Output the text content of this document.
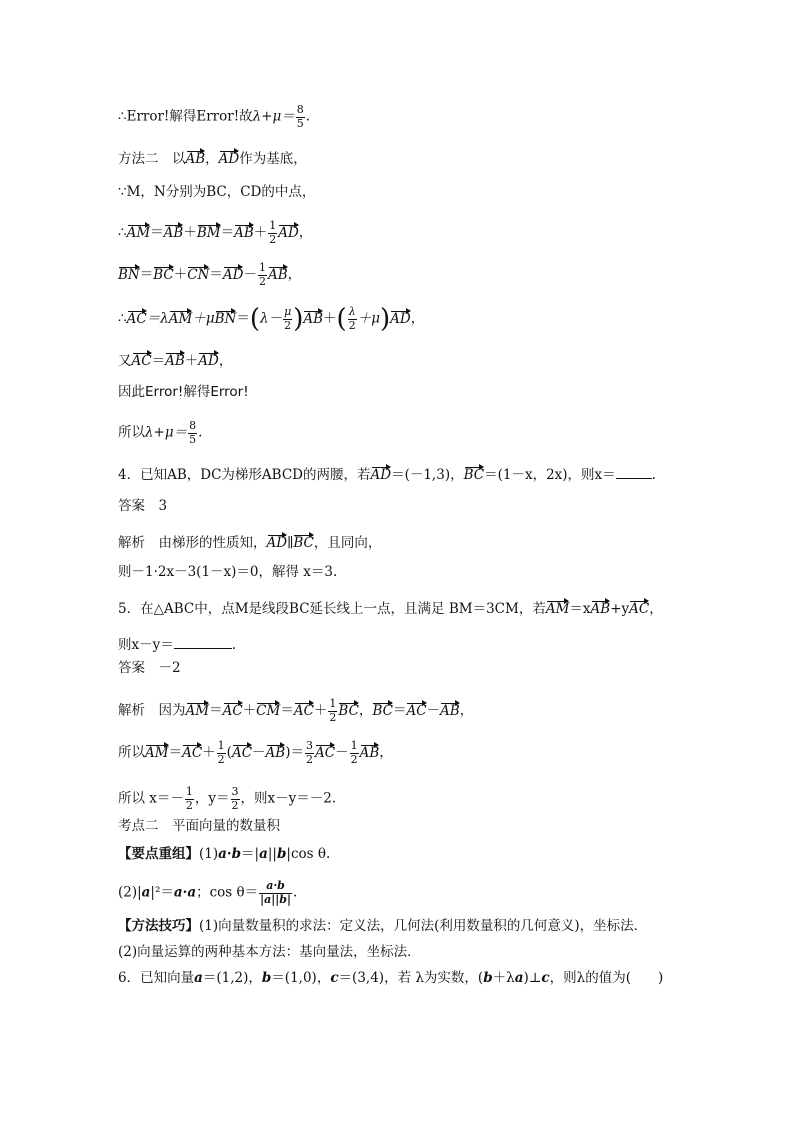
∴Error!解得Error!故$\lambda+\mu= \frac{8}{5}$ .
方法二　 以AB，AD作为基底，
∵M，N分别为BC，CD的中点，
∴AM＝AB＋BM＝AB＋ $\frac{1}{2}$ AD，
$BN=BC+CN=AD- \frac{1}{2}$ AB，
∴AC＝λAM＋μBN＝(λ－ $\frac{\mu}{2} )AB+( \frac{\lambda}{2} +\mu)AD$，
又AC＝AB＋AD，
因此Error!解得Error!
所以$\lambda+\mu= \frac{8}{5}$ .
4．已知AB，DC为梯形ABCD的两腰，若AD＝(－1,3)，BC＝(1－x，2x)，则x＝	.
答案　 3
解析　 由梯形的性质知，AD∥BC，且同向，
则－1·2x－3(1－x)＝0，解得 x＝3.
5．在△ABC中，点M是线段BC延长线上一点，且满足 BM＝3CM，若AM＝xAB+yAC，
则x－y＝	.
答案　 －2
解析　 因为$AM=AC+CM=AC+ \frac{1}{2}$ BC，BC＝AC－AB，
所以$AM=AC+ \frac{1}{2} (AC-AB)= \frac{3}{2} AC- \frac{1}{2}$ AB，
所以 $x=- \frac{1}{2}$ ，$y= \frac{3}{2}$ ，则x－y＝－2.
考点二　平面向量的数量积
【要点重组】(1)a·b＝|a||b|cos θ.
(2)|a|²＝a·a；$\cos \theta= \frac{a\cdot b}{|a||b|}$ .
【方法技巧】(1)向量数量积的求法：定义法，几何法(利用数量积的几何意义)，坐标法．
(2)向量运算的两种基本方法：基向量法，坐标法．
6．已知向量a＝(1,2)，b＝(1,0)，c＝(3,4)，若 λ为实数，(b＋λa)⊥c，则λ的值为(　　)
